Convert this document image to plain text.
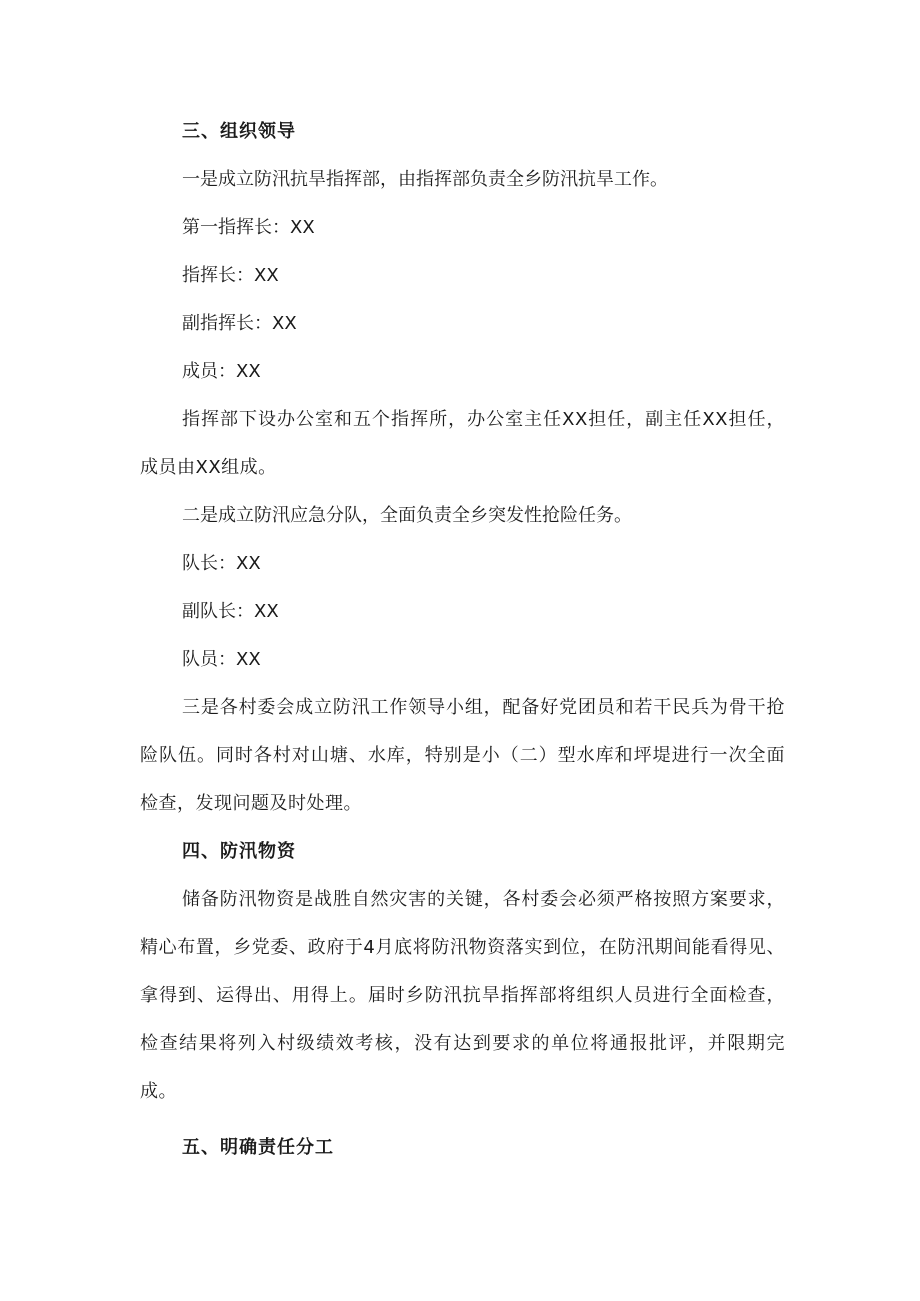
三、组织领导

一是成立防汛抗旱指挥部，由指挥部负责全乡防汛抗旱工作。

第一指挥长：XX

指挥长：XX

副指挥长：XX

成员：XX

指挥部下设办公室和五个指挥所，办公室主任XX担任，副主任XX担任，成员由XX组成。

二是成立防汛应急分队，全面负责全乡突发性抢险任务。

队长：XX

副队长：XX

队员：XX

三是各村委会成立防汛工作领导小组，配备好党团员和若干民兵为骨干抢险队伍。同时各村对山塘、水库，特别是小（二）型水库和坪堤进行一次全面检查，发现问题及时处理。

四、防汛物资

储备防汛物资是战胜自然灾害的关键，各村委会必须严格按照方案要求，精心布置，乡党委、政府于4月底将防汛物资落实到位，在防汛期间能看得见、拿得到、运得出、用得上。届时乡防汛抗旱指挥部将组织人员进行全面检查，检查结果将列入村级绩效考核，没有达到要求的单位将通报批评，并限期完成。

五、明确责任分工
